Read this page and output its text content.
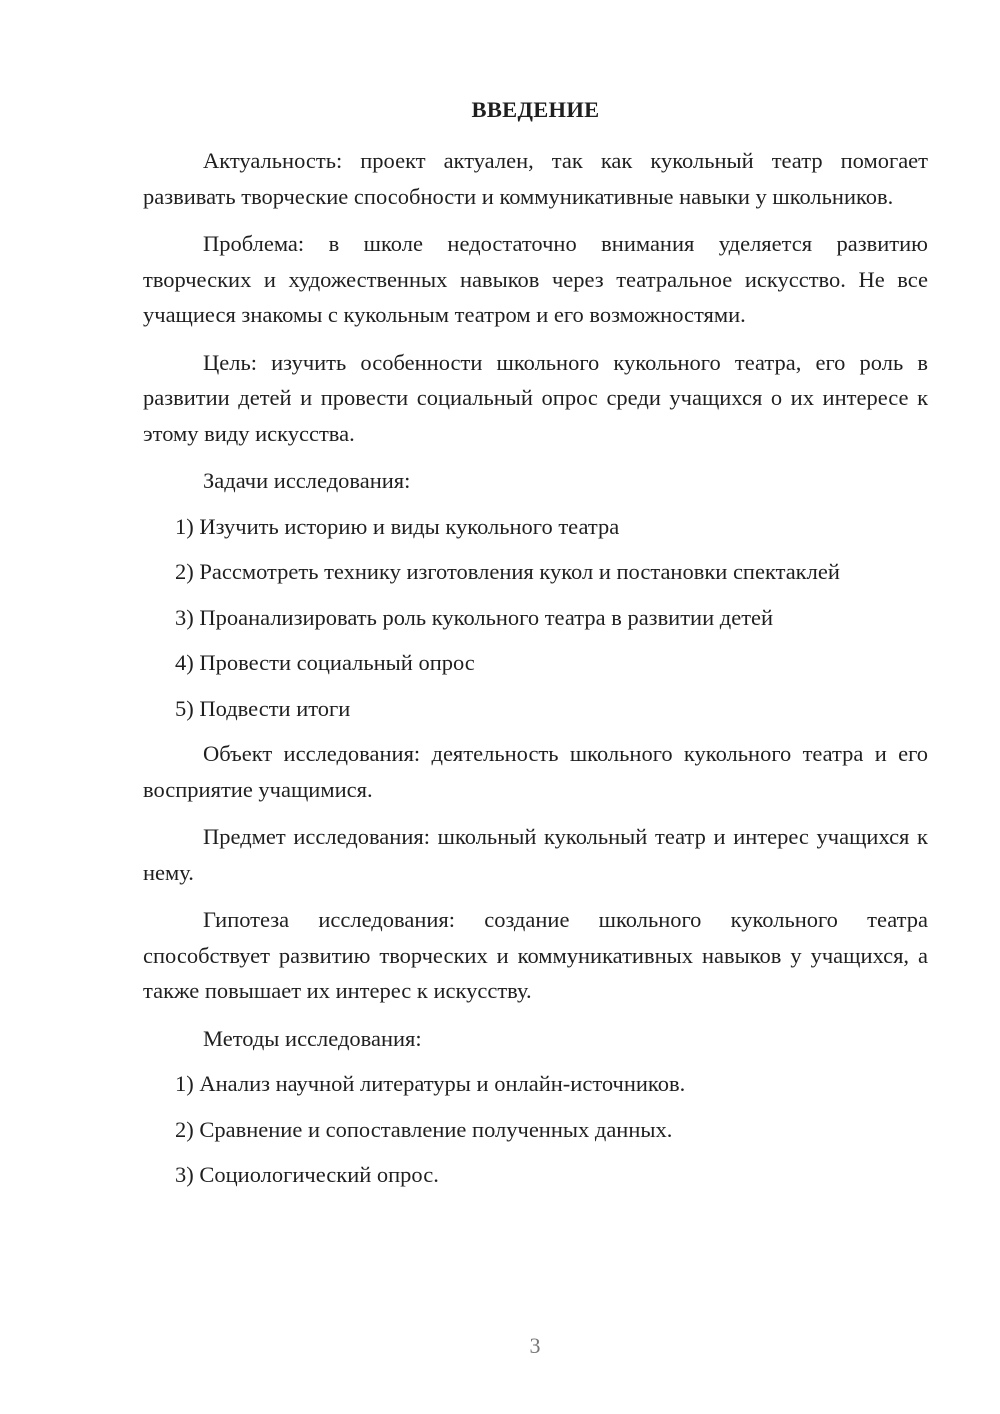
ВВЕДЕНИЕ

Актуальность: проект актуален, так как кукольный театр помогает развивать творческие способности и коммуникативные навыки у школьников.

Проблема: в школе недостаточно внимания уделяется развитию творческих и художественных навыков через театральное искусство. Не все учащиеся знакомы с кукольным театром и его возможностями.

Цель: изучить особенности школьного кукольного театра, его роль в развитии детей и провести социальный опрос среди учащихся о их интересе к этому виду искусства.

Задачи исследования:

1) Изучить историю и виды кукольного театра
2) Рассмотреть технику изготовления кукол и постановки спектаклей
3) Проанализировать роль кукольного театра в развитии детей
4) Провести социальный опрос
5) Подвести итоги

Объект исследования: деятельность школьного кукольного театра и его восприятие учащимися.

Предмет исследования: школьный кукольный театр и интерес учащихся к нему.

Гипотеза исследования: создание школьного кукольного театра способствует развитию творческих и коммуникативных навыков у учащихся, а также повышает их интерес к искусству.

Методы исследования:

1) Анализ научной литературы и онлайн-источников.
2) Сравнение и сопоставление полученных данных.
3) Социологический опрос.
3
